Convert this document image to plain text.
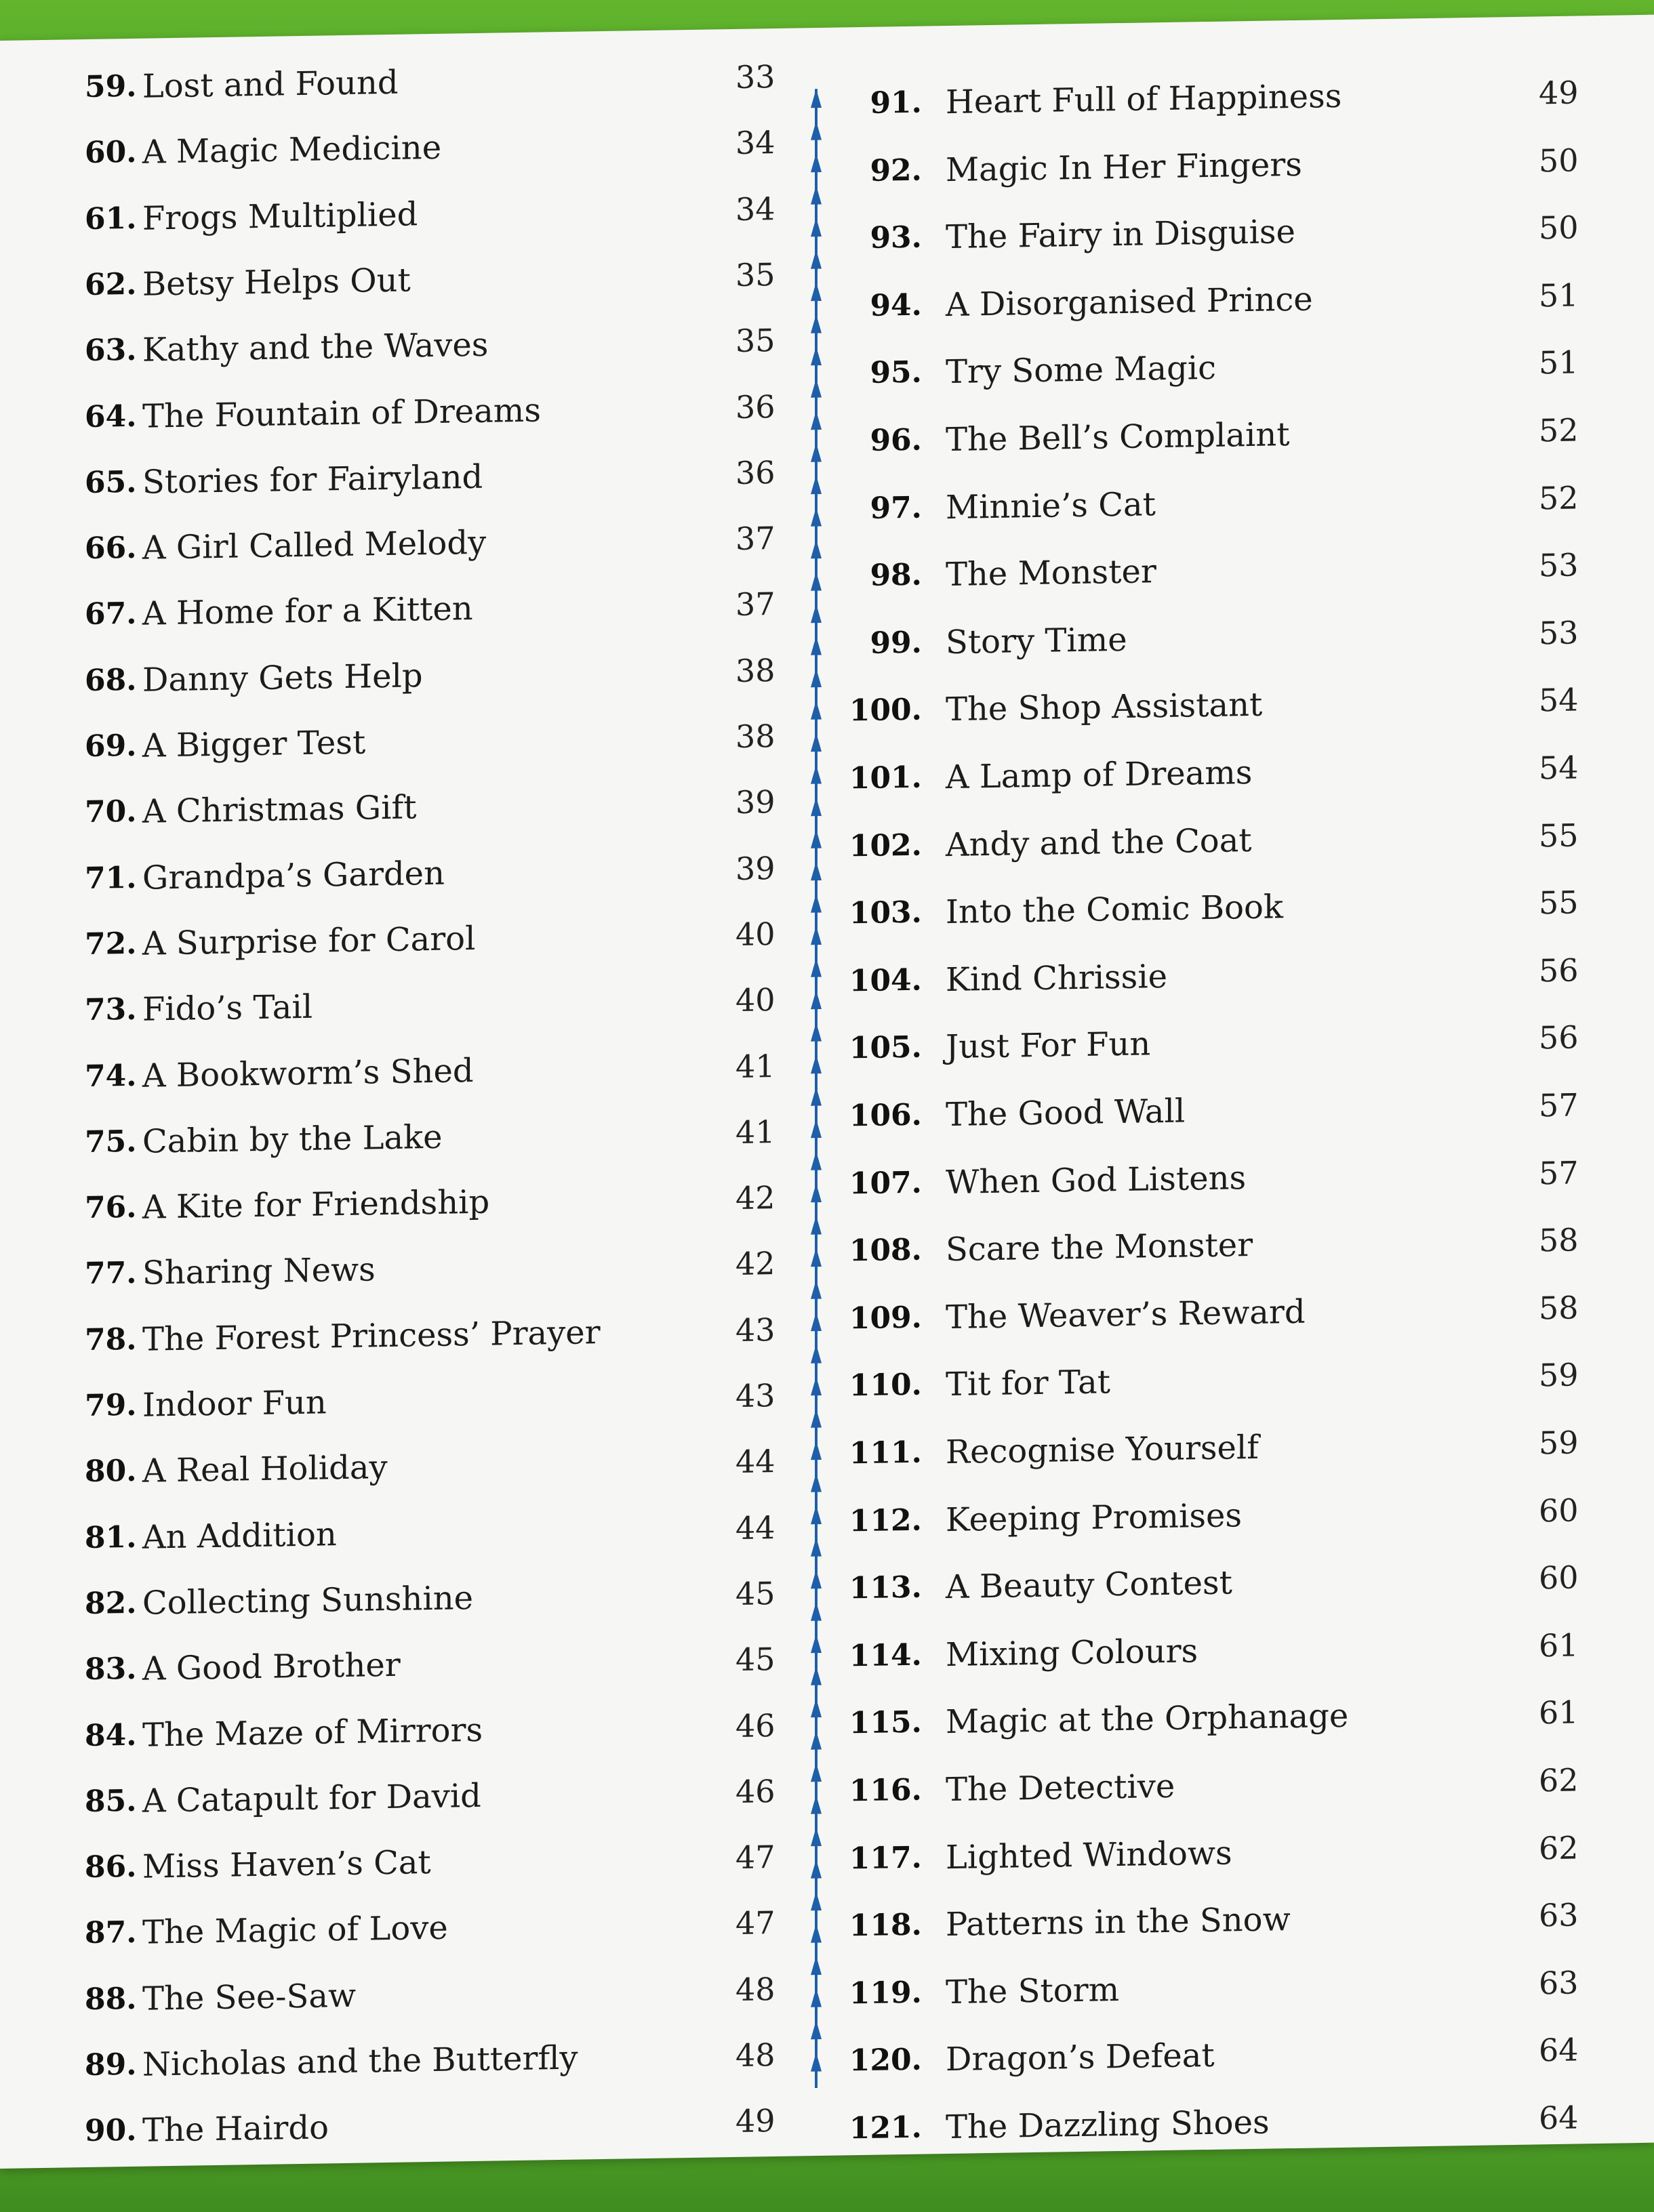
59. Lost and Found	33
60. A Magic Medicine	34
61. Frogs Multiplied	34
62. Betsy Helps Out	35
63. Kathy and the Waves	35
64. The Fountain of Dreams	36
65. Stories for Fairyland	36
66. A Girl Called Melody	37
67. A Home for a Kitten	37
68. Danny Gets Help	38
69. A Bigger Test	38
70. A Christmas Gift	39
71. Grandpa’s Garden	39
72. A Surprise for Carol	40
73. Fido’s Tail	40
74. A Bookworm’s Shed	41
75. Cabin by the Lake	41
76. A Kite for Friendship	42
77. Sharing News	42
78. The Forest Princess’ Prayer	43
79. Indoor Fun	43
80. A Real Holiday	44
81. An Addition	44
82. Collecting Sunshine	45
83. A Good Brother	45
84. The Maze of Mirrors	46
85. A Catapult for David	46
86. Miss Haven’s Cat	47
87. The Magic of Love	47
88. The See-Saw	48
89. Nicholas and the Butterfly	48
90. The Hairdo	49
91. Heart Full of Happiness	49
92. Magic In Her Fingers	50
93. The Fairy in Disguise	50
94. A Disorganised Prince	51
95. Try Some Magic	51
96. The Bell’s Complaint	52
97. Minnie’s Cat	52
98. The Monster	53
99. Story Time	53
100. The Shop Assistant	54
101. A Lamp of Dreams	54
102. Andy and the Coat	55
103. Into the Comic Book	55
104. Kind Chrissie	56
105. Just For Fun	56
106. The Good Wall	57
107. When God Listens	57
108. Scare the Monster	58
109. The Weaver’s Reward	58
110. Tit for Tat	59
111. Recognise Yourself	59
112. Keeping Promises	60
113. A Beauty Contest	60
114. Mixing Colours	61
115. Magic at the Orphanage	61
116. The Detective	62
117. Lighted Windows	62
118. Patterns in the Snow	63
119. The Storm	63
120. Dragon’s Defeat	64
121. The Dazzling Shoes	64
